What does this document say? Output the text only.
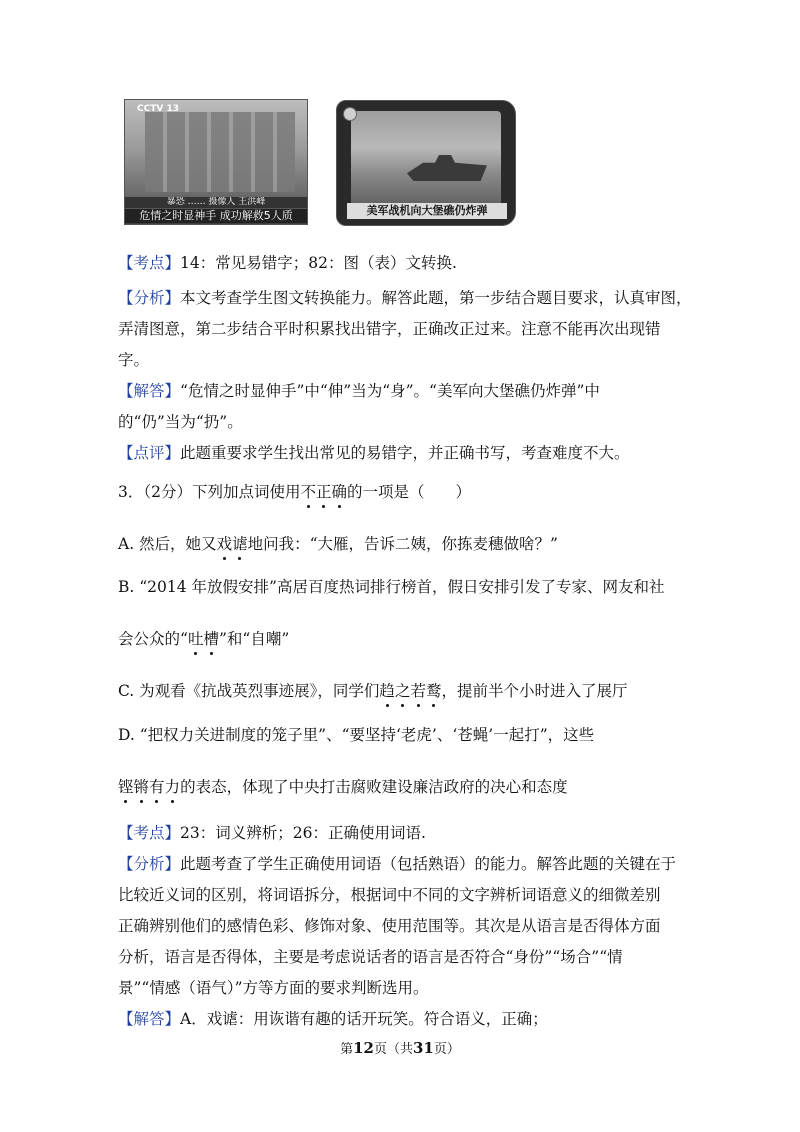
CCTV 13
暴恐 …… 摄像人 王洪峰
危情之时显神手 成功解救5人质	美军战机向大堡礁仍炸弹
【考点】14：常见易错字；82：图（表）文转换.
【分析】本文考查学生图文转换能力。解答此题，第一步结合题目要求，认真审图，
弄清图意，第二步结合平时积累找出错字，正确改正过来。注意不能再次出现错
字。
【解答】“危情之时显伸手”中“伸”当为“身”。“美军向大堡礁仍炸弹”中
的“仍”当为“扔”。
【点评】此题重要求学生找出常见的易错字，并正确书写，考查难度不大。
3．（2分）下列加点词使用不正确的一项是（　　）
A. 然后，她又戏谑地问我：“大雁，告诉二姨，你拣麦穗做啥？”
B. “2014 年放假安排”高居百度热词排行榜首，假日安排引发了专家、网友和社
会公众的“吐槽”和“自嘲”
C. 为观看《抗战英烈事迹展》，同学们趋之若鹜，提前半个小时进入了展厅
D. “把权力关进制度的笼子里”、“要坚持‘老虎’、‘苍蝇’一起打”，这些
铿锵有力的表态，体现了中央打击腐败建设廉洁政府的决心和态度
【考点】23：词义辨析；26：正确使用词语.
【分析】此题考查了学生正确使用词语（包括熟语）的能力。解答此题的关键在于
比较近义词的区别，将词语拆分，根据词中不同的文字辨析词语意义的细微差别
正确辨别他们的感情色彩、修饰对象、使用范围等。其次是从语言是否得体方面
分析，语言是否得体，主要是考虑说话者的语言是否符合“身份”“场合”“情
景”“情感（语气）”方等方面的要求判断选用。
【解答】A．戏谑：用诙谐有趣的话开玩笑。符合语义，正确；
第12页（共31页）
